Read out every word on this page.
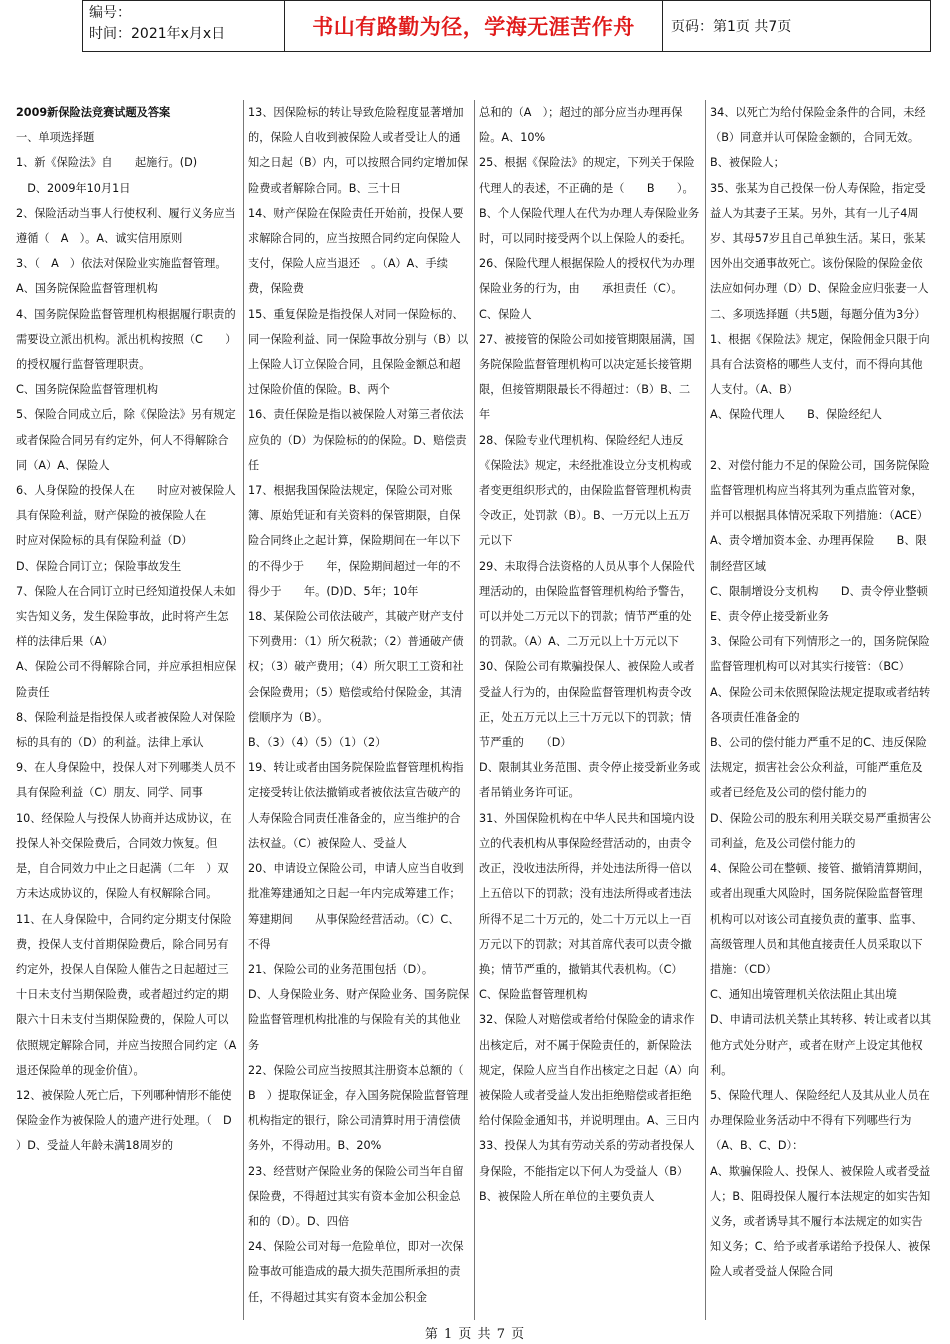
编号：
时间：2021年x月x日	书山有路勤为径，学海无涯苦作舟	页码：第1页 共7页

2009新保险法竞赛试题及答案

一、单项选择题

1、新《保险法》自　　起施行。(D)

　D、2009年10月1日

2、保险活动当事人行使权利、履行义务应当遵循（　A　）。A、诚实信用原则

3、（　A　）依法对保险业实施监督管理。

A、国务院保险监督管理机构

4、国务院保险监督管理机构根据履行职责的需要设立派出机构。派出机构按照（C　　）的授权履行监督管理职责。

C、国务院保险监督管理机构

5、保险合同成立后，除《保险法》另有规定或者保险合同另有约定外，何人不得解除合同（A）A、保险人

6、人身保险的投保人在　　时应对被保险人具有保险利益，财产保险的被保险人在　　时应对保险标的具有保险利益（D）

D、保险合同订立；保险事故发生

7、保险人在合同订立时已经知道投保人未如实告知义务，发生保险事故，此时将产生怎样的法律后果（A）

A、保险公司不得解除合同，并应承担相应保险责任

8、保险利益是指投保人或者被保险人对保险标的具有的（D）的利益。法律上承认

9、在人身保险中，投保人对下列哪类人员不具有保险利益（C）朋友、同学、同事

10、经保险人与投保人协商并达成协议，在投保人补交保险费后，合同效力恢复。但是，自合同效力中止之日起满（二年　）双方未达成协议的，保险人有权解除合同。

11、在人身保险中，合同约定分期支付保险费，投保人支付首期保险费后，除合同另有约定外，投保人自保险人催告之日起超过三十日未支付当期保险费，或者超过约定的期限六十日未支付当期保险费的，保险人可以依照规定解除合同，并应当按照合同约定（A退还保险单的现金价值）。

12、被保险人死亡后，下列哪种情形不能使保险金作为被保险人的遗产进行处理。（　D　）D、受益人年龄未满18周岁的

13、因保险标的转让导致危险程度显著增加的，保险人自收到被保险人或者受让人的通知之日起（B）内，可以按照合同约定增加保险费或者解除合同。B、三十日

14、财产保险在保险责任开始前，投保人要求解除合同的，应当按照合同约定向保险人支付，保险人应当退还　。（A）A、手续费，保险费

15、重复保险是指投保人对同一保险标的、同一保险利益、同一保险事故分别与（B）以上保险人订立保险合同，且保险金额总和超过保险价值的保险。B、两个

16、责任保险是指以被保险人对第三者依法应负的（D）为保险标的的保险。D、赔偿责任

17、根据我国保险法规定，保险公司对账簿、原始凭证和有关资料的保管期限，自保险合同终止之起计算，保险期间在一年以下的不得少于　　年，保险期间超过一年的不得少于　　年。(D)D、5年；10年

18、某保险公司依法破产，其破产财产支付下列费用：（1）所欠税款；（2）普通破产债权；（3）破产费用；（4）所欠职工工资和社会保险费用；（5）赔偿或给付保险金，其清偿顺序为（B）。

B、（3）（4）（5）（1）（2）

19、转让或者由国务院保险监督管理机构指定接受转让依法撤销或者被依法宣告破产的人寿保险合同责任准备金的，应当维护的合法权益。（C）被保险人、受益人

20、申请设立保险公司，申请人应当自收到批准筹建通知之日起一年内完成筹建工作；筹建期间　　从事保险经营活动。（C）C、不得

21、保险公司的业务范围包括（D）。

D、人身保险业务、财产保险业务、国务院保险监督管理机构批准的与保险有关的其他业务

22、保险公司应当按照其注册资本总额的（　B　）提取保证金，存入国务院保险监督管理机构指定的银行，除公司清算时用于清偿债务外，不得动用。B、20%

23、经营财产保险业务的保险公司当年自留保险费，不得超过其实有资本金加公积金总和的（D）。D、四倍

24、保险公司对每一危险单位，即对一次保险事故可能造成的最大损失范围所承担的责任，不得超过其实有资本金加公积金

总和的（A　）；超过的部分应当办理再保险。A、10%

25、根据《保险法》的规定，下列关于保险代理人的表述，不正确的是（　　B　　）。

B、个人保险代理人在代为办理人寿保险业务时，可以同时接受两个以上保险人的委托。

26、保险代理人根据保险人的授权代为办理保险业务的行为，由　　承担责任（C）。C、保险人

27、被接管的保险公司如接管期限届满，国务院保险监督管理机构可以决定延长接管期限，但接管期限最长不得超过：（B）B、二年

28、保险专业代理机构、保险经纪人违反《保险法》规定，未经批准设立分支机构或者变更组织形式的，由保险监督管理机构责令改正，处罚款（B）。B、一万元以上五万元以下

29、未取得合法资格的人员从事个人保险代理活动的，由保险监督管理机构给予警告，可以并处二万元以下的罚款；情节严重的处　　的罚款。（A）A、二万元以上十万元以下

30、保险公司有欺骗投保人、被保险人或者受益人行为的，由保险监督管理机构责令改正，处五万元以上三十万元以下的罚款；情节严重的　　（D）

D、限制其业务范围、责令停止接受新业务或者吊销业务许可证。

31、外国保险机构在中华人民共和国境内设立的代表机构从事保险经营活动的，由责令改正，没收违法所得，并处违法所得一倍以上五倍以下的罚款；没有违法所得或者违法所得不足二十万元的，处二十万元以上一百万元以下的罚款；对其首席代表可以责令撤换；情节严重的，撤销其代表机构。（C）C、保险监督管理机构

32、保险人对赔偿或者给付保险金的请求作出核定后，对不属于保险责任的，新保险法规定，保险人应当自作出核定之日起（A）向被保险人或者受益人发出拒绝赔偿或者拒绝给付保险金通知书，并说明理由。A、三日内

33、投保人为其有劳动关系的劳动者投保人身保险，不能指定以下何人为受益人（B）

B、被保险人所在单位的主要负责人

34、以死亡为给付保险金条件的合同，未经（B）同意并认可保险金额的，合同无效。B、被保险人；

35、张某为自己投保一份人寿保险，指定受益人为其妻子王某。另外，其有一儿子4周岁、其母57岁且自己单独生活。某日，张某因外出交通事故死亡。该份保险的保险金依法应如何办理（D）D、保险金应归张妻一人

二、多项选择题（共5题，每题分值为3分）1、根据《保险法》规定，保险佣金只限于向具有合法资格的哪些人支付，而不得向其他人支付。（A、B）

A、保险代理人　　B、保险经纪人

2、对偿付能力不足的保险公司，国务院保险监督管理机构应当将其列为重点监管对象，并可以根据具体情况采取下列措施：（ACE）A、责令增加资本金、办理再保险　　B、限制经营区域

C、限制增设分支机构　　D、责令停业整顿　　E、责令停止接受新业务

3、保险公司有下列情形之一的，国务院保险监督管理机构可以对其实行接管：（BC）

A、保险公司未依照保险法规定提取或者结转各项责任准备金的

B、公司的偿付能力严重不足的C、违反保险法规定，损害社会公众利益，可能严重危及或者已经危及公司的偿付能力的

D、保险公司的股东利用关联交易严重损害公司利益，危及公司偿付能力的

4、保险公司在整顿、接管、撤销清算期间，或者出现重大风险时，国务院保险监督管理机构可以对该公司直接负责的董事、监事、高级管理人员和其他直接责任人员采取以下措施：（CD）

C、通知出境管理机关依法阻止其出境

D、申请司法机关禁止其转移、转让或者以其他方式处分财产，或者在财产上设定其他权利。

5、保险代理人、保险经纪人及其从业人员在办理保险业务活动中不得有下列哪些行为（A、B、C、D）：

A、欺骗保险人、投保人、被保险人或者受益人；B、阻碍投保人履行本法规定的如实告知义务，或者诱导其不履行本法规定的如实告知义务；C、给予或者承诺给予投保人、被保险人或者受益人保险合同

第 1 页 共 7 页
